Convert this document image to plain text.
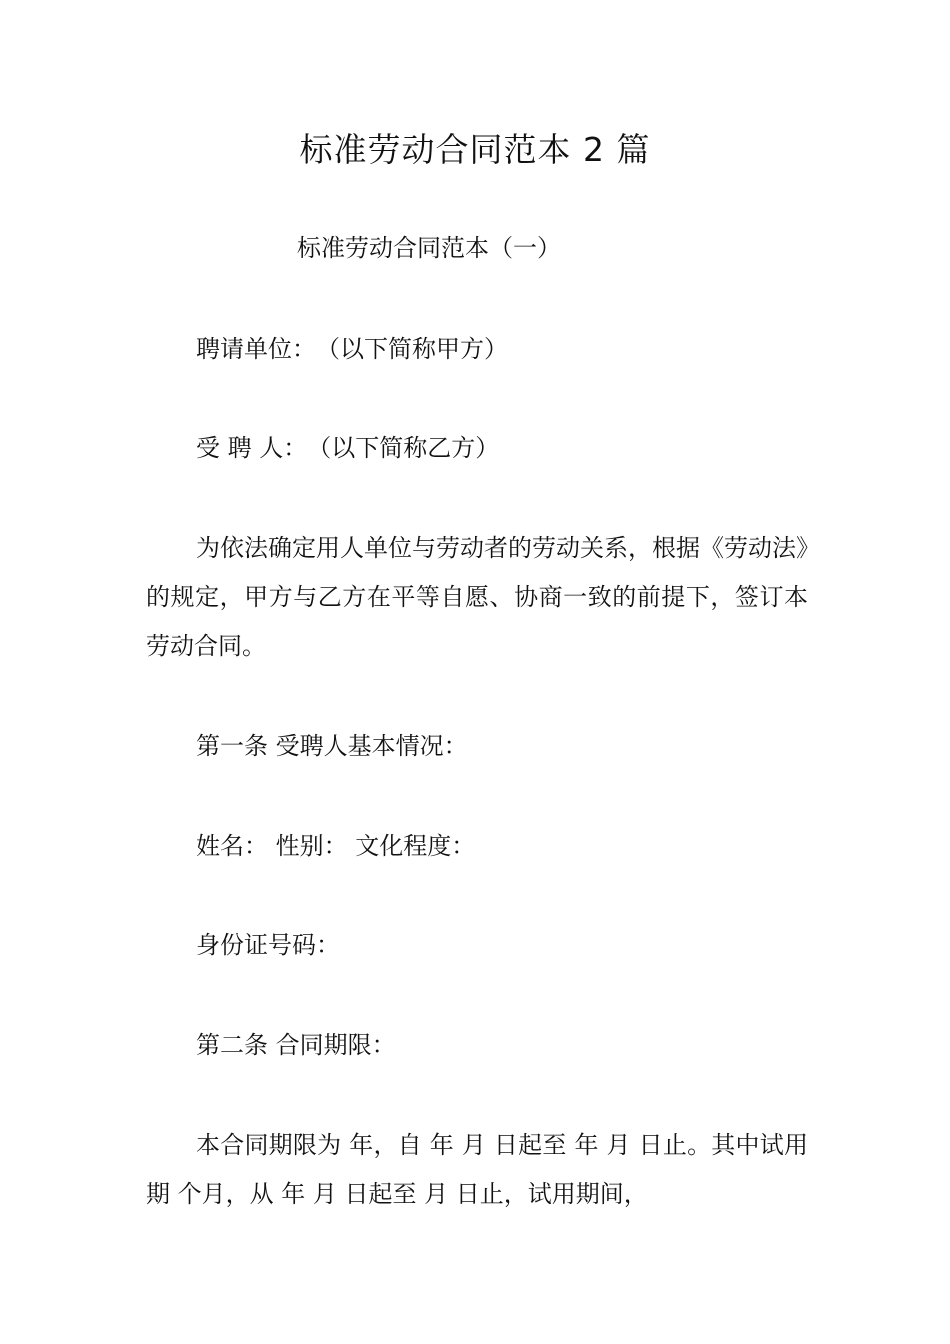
标准劳动合同范本 2 篇
标准劳动合同范本（一）

聘请单位：　（以下简称甲方）

受 聘 人：　（以下简称乙方）

为依法确定用人单位与劳动者的劳动关系，根据《劳动法》的规定，甲方与乙方在平等自愿、协商一致的前提下，签订本劳动合同。

第一条 受聘人基本情况：

姓名： 性别： 文化程度：

身份证号码：

第二条 合同期限：

本合同期限为 年，自 年 月 日起至 年 月 日止。其中试用期 个月，从 年 月 日起至 月 日止，试用期间，
